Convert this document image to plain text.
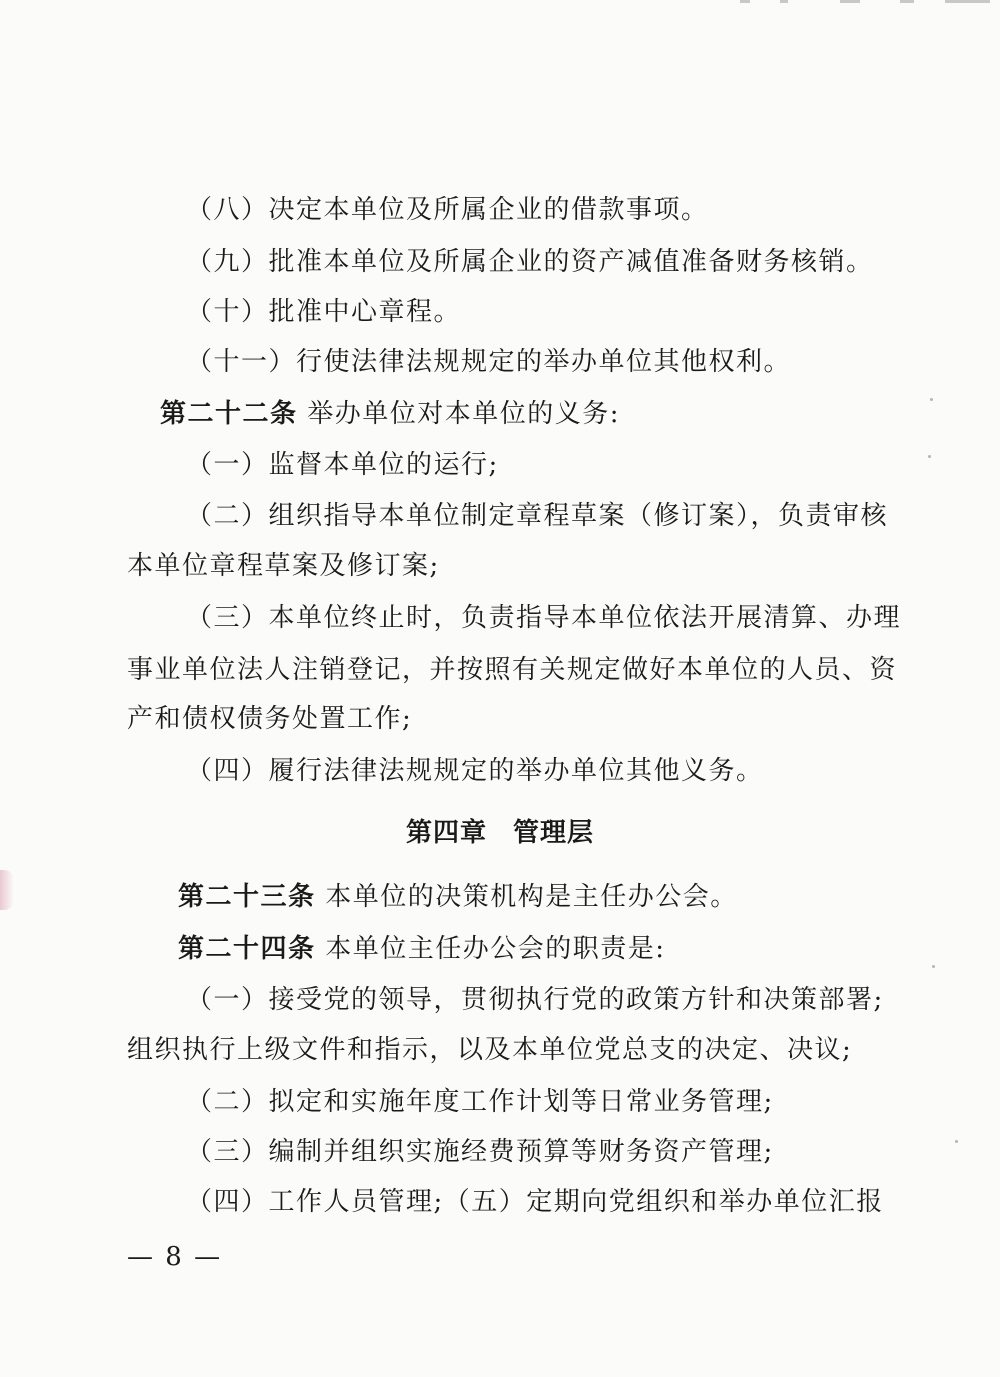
（八）决定本单位及所属企业的借款事项。
（九）批准本单位及所属企业的资产减值准备财务核销。
（十）批准中心章程。
（十一）行使法律法规规定的举办单位其他权利。
第二十二条 举办单位对本单位的义务:
（一）监督本单位的运行;
（二）组织指导本单位制定章程草案（修订案），负责审核
本单位章程草案及修订案;
（三）本单位终止时，负责指导本单位依法开展清算、办理
事业单位法人注销登记，并按照有关规定做好本单位的人员、资
产和债权债务处置工作;
（四）履行法律法规规定的举办单位其他义务。
第四章 管理层
第二十三条 本单位的决策机构是主任办公会。
第二十四条 本单位主任办公会的职责是:
（一）接受党的领导，贯彻执行党的政策方针和决策部署;
组织执行上级文件和指示，以及本单位党总支的决定、决议;
（二）拟定和实施年度工作计划等日常业务管理;
（三）编制并组织实施经费预算等财务资产管理;
（四）工作人员管理;（五）定期向党组织和举办单位汇报
— 8 —
